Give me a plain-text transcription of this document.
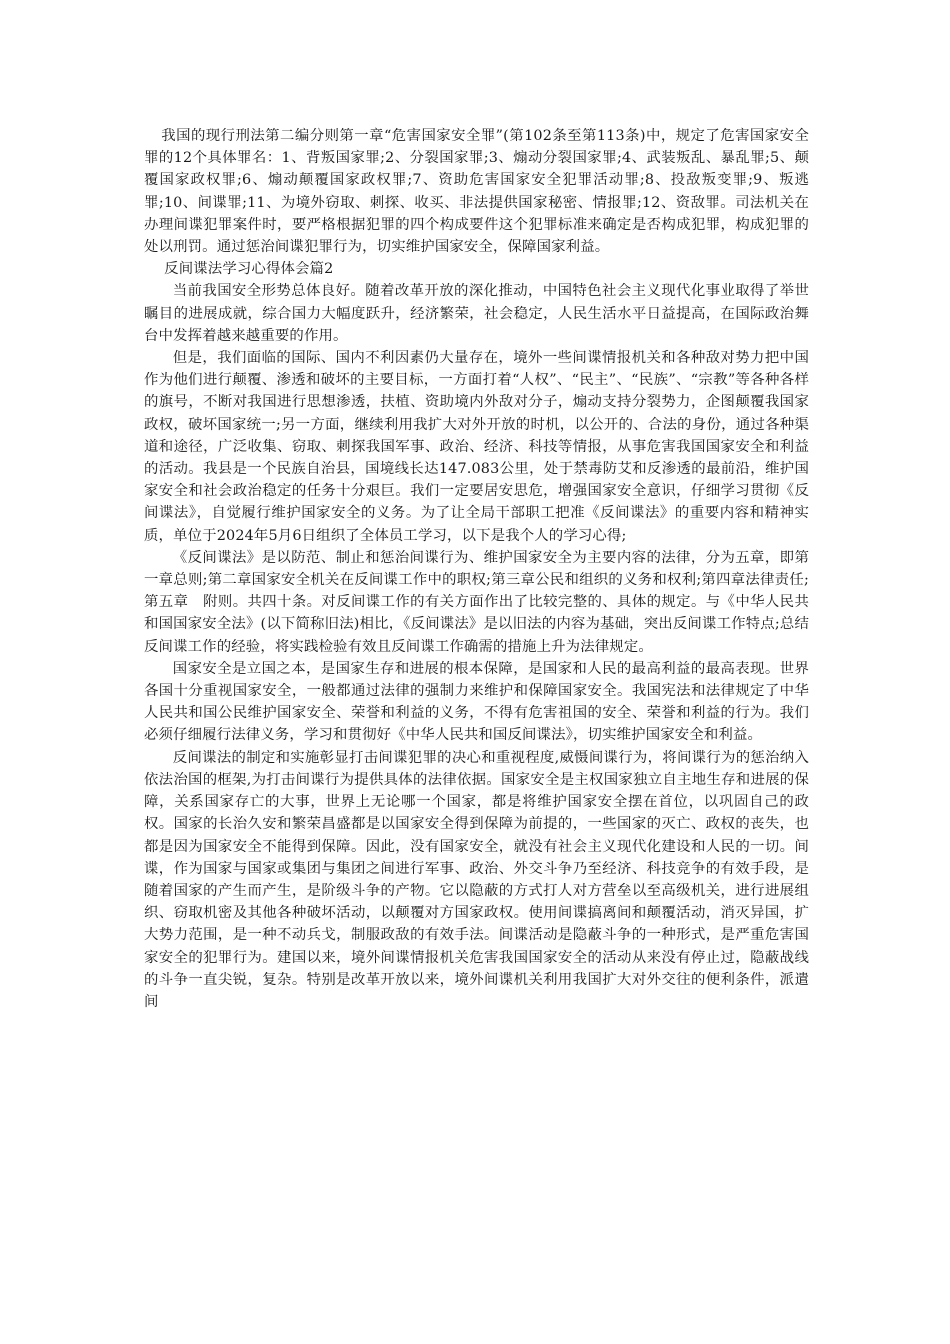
我国的现行刑法第二编分则第一章“危害国家安全罪”(第102条至第113条)中，规定了危害国家安全罪的12个具体罪名：1、背叛国家罪;2、分裂国家罪;3、煽动分裂国家罪;4、武装叛乱、暴乱罪;5、颠覆国家政权罪;6、煽动颠覆国家政权罪;7、资助危害国家安全犯罪活动罪;8、投敌叛变罪;9、叛逃罪;10、间谍罪;11、为境外窃取、刺探、收买、非法提供国家秘密、情报罪;12、资敌罪。司法机关在办理间谍犯罪案件时，要严格根据犯罪的四个构成要件这个犯罪标准来确定是否构成犯罪，构成犯罪的处以刑罚。通过惩治间谍犯罪行为，切实维护国家安全，保障国家利益。

反间谍法学习心得体会篇2

当前我国安全形势总体良好。随着改革开放的深化推动，中国特色社会主义现代化事业取得了举世瞩目的进展成就，综合国力大幅度跃升，经济繁荣，社会稳定，人民生活水平日益提高，在国际政治舞台中发挥着越来越重要的作用。

但是，我们面临的国际、国内不利因素仍大量存在，境外一些间谍情报机关和各种敌对势力把中国作为他们进行颠覆、渗透和破坏的主要目标，一方面打着“人权”、“民主”、“民族”、“宗教”等各种各样的旗号，不断对我国进行思想渗透，扶植、资助境内外敌对分子，煽动支持分裂势力，企图颠覆我国家政权，破坏国家统一;另一方面，继续利用我扩大对外开放的时机，以公开的、合法的身份，通过各种渠道和途径，广泛收集、窃取、刺探我国军事、政治、经济、科技等情报，从事危害我国国家安全和利益的活动。我县是一个民族自治县，国境线长达147.083公里，处于禁毒防艾和反渗透的最前沿，维护国家安全和社会政治稳定的任务十分艰巨。我们一定要居安思危，增强国家安全意识，仔细学习贯彻《反间谍法》，自觉履行维护国家安全的义务。为了让全局干部职工把准《反间谍法》的重要内容和精神实质，单位于2024年5月6日组织了全体员工学习，以下是我个人的学习心得;

《反间谍法》是以防范、制止和惩治间谍行为、维护国家安全为主要内容的法律，分为五章，即第一章总则;第二章国家安全机关在反间谍工作中的职权;第三章公民和组织的义务和权利;第四章法律责任;第五章　附则。共四十条。对反间谍工作的有关方面作出了比较完整的、具体的规定。与《中华人民共和国国家安全法》(以下简称旧法)相比，《反间谍法》是以旧法的内容为基础，突出反间谍工作特点;总结反间谍工作的经验，将实践检验有效且反间谍工作确需的措施上升为法律规定。

国家安全是立国之本，是国家生存和进展的根本保障，是国家和人民的最高利益的最高表现。世界各国十分重视国家安全，一般都通过法律的强制力来维护和保障国家安全。我国宪法和法律规定了中华人民共和国公民维护国家安全、荣誉和利益的义务，不得有危害祖国的安全、荣誉和利益的行为。我们必须仔细履行法律义务，学习和贯彻好《中华人民共和国反间谍法》，切实维护国家安全和利益。

反间谍法的制定和实施彰显打击间谍犯罪的决心和重视程度,威慑间谍行为，将间谍行为的惩治纳入依法治国的框架,为打击间谍行为提供具体的法律依据。国家安全是主权国家独立自主地生存和进展的保障，关系国家存亡的大事，世界上无论哪一个国家，都是将维护国家安全摆在首位，以巩固自己的政权。国家的长治久安和繁荣昌盛都是以国家安全得到保障为前提的，一些国家的灭亡、政权的丧失，也都是因为国家安全不能得到保障。因此，没有国家安全，就没有社会主义现代化建设和人民的一切。间谍，作为国家与国家或集团与集团之间进行军事、政治、外交斗争乃至经济、科技竞争的有效手段，是随着国家的产生而产生，是阶级斗争的产物。它以隐蔽的方式打人对方营垒以至高级机关，进行进展组织、窃取机密及其他各种破坏活动，以颠覆对方国家政权。使用间谍搞离间和颠覆活动，消灭异国，扩大势力范围，是一种不动兵戈，制服政敌的有效手法。间谍活动是隐蔽斗争的一种形式，是严重危害国家安全的犯罪行为。建国以来，境外间谍情报机关危害我国国家安全的活动从来没有停止过，隐蔽战线的斗争一直尖锐，复杂。特别是改革开放以来，境外间谍机关利用我国扩大对外交往的便利条件，派遣间
